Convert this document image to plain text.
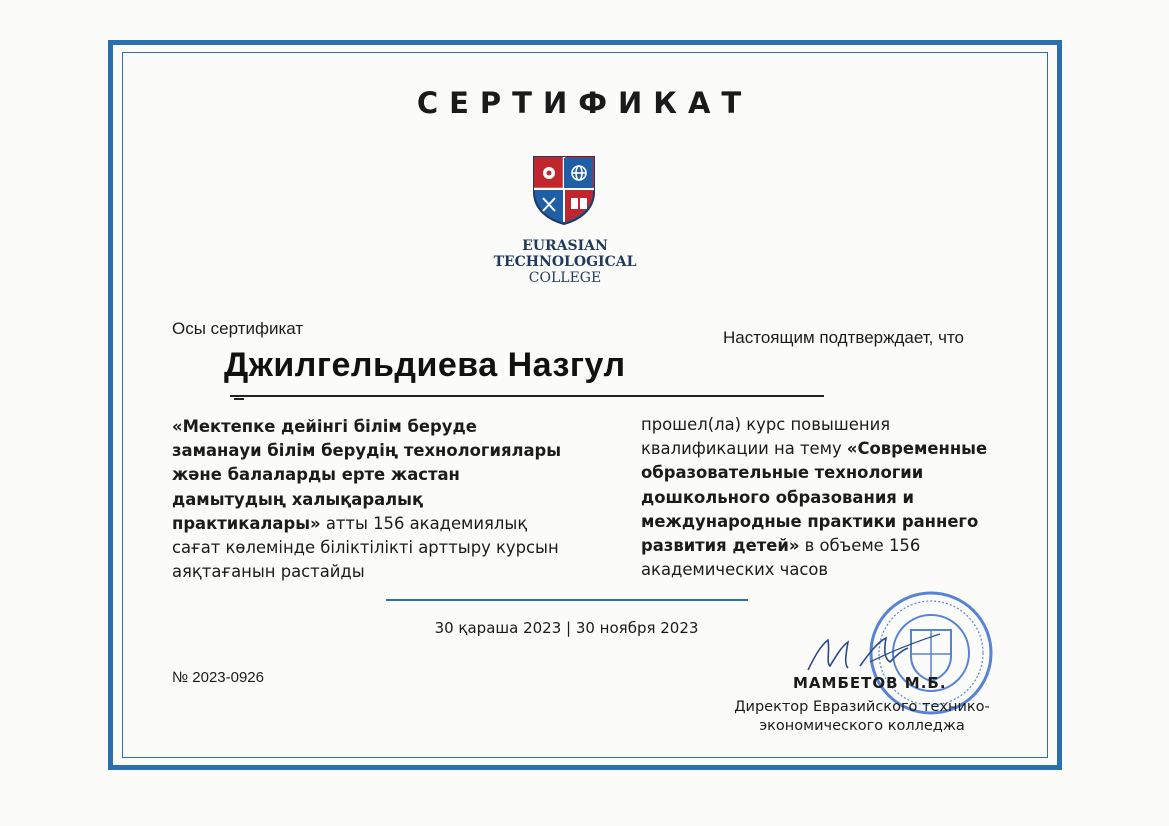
СЕРТИФИКАТ
EURASIAN
TECHNOLOGICAL
COLLEGE
Осы сертификат	Настоящим подтверждает, что
Джилгельдиева Назгул
«Мектепке дейінгі білім беруде заманауи білім берудің технологиялары және балаларды ерте жастан дамытудың халықаралық практикалары» атты 156 академиялық сағат көлемінде біліктілікті арттыру курсын аяқтағанын растайды
прошел(ла) курс повышения квалификации на тему «Современные образовательные технологии дошкольного образования и международные практики раннего развития детей» в объеме 156 академических часов
30 қараша 2023 | 30 ноября 2023
№ 2023-0926	МАМБЕТОВ М.Б.
Директор Евразийского технико-экономического колледжа
